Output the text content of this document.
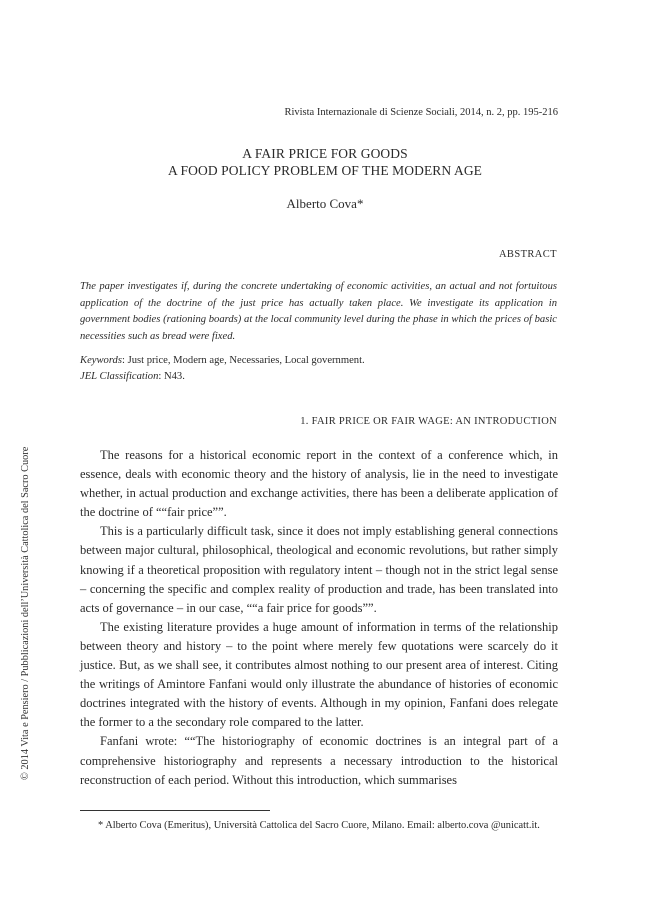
Rivista Internazionale di Scienze Sociali, 2014, n. 2, pp. 195-216
A FAIR PRICE FOR GOODS
A FOOD POLICY PROBLEM OF THE MODERN AGE
Alberto Cova*
ABSTRACT
The paper investigates if, during the concrete undertaking of economic activities, an actual and not fortuitous application of the doctrine of the just price has actually taken place. We investigate its application in government bodies (rationing boards) at the local community level during the phase in which the prices of basic necessities such as bread were fixed.
Keywords: Just price, Modern age, Necessaries, Local government.
JEL Classification: N43.
1. FAIR PRICE OR FAIR WAGE: AN INTRODUCTION

The reasons for a historical economic report in the context of a conference which, in essence, deals with economic theory and the history of analysis, lie in the need to investigate whether, in actual production and exchange activities, there has been a deliberate application of the doctrine of ““fair price””.

This is a particularly difficult task, since it does not imply establishing general connections between major cultural, philosophical, theological and economic revolutions, but rather simply knowing if a theoretical proposition with regulatory intent – though not in the strict legal sense – concerning the specific and complex reality of production and trade, has been translated into acts of governance – in our case, ““a fair price for goods””.

The existing literature provides a huge amount of information in terms of the relationship between theory and history – to the point where merely few quotations were scarcely do it justice. But, as we shall see, it contributes almost nothing to our present area of interest. Citing the writings of Amintore Fanfani would only illustrate the abundance of histories of economic doctrines integrated with the history of events. Although in my opinion, Fanfani does relegate the former to a the secondary role compared to the latter.

Fanfani wrote: ““The historiography of economic doctrines is an integral part of a comprehensive historiography and represents a necessary introduction to the historical reconstruction of each period. Without this introduction, which summarises

* Alberto Cova (Emeritus), Università Cattolica del Sacro Cuore, Milano. Email: alberto.cova @unicatt.it.
© 2014 Vita e Pensiero / Pubblicazioni dell’Università Cattolica del Sacro Cuore
